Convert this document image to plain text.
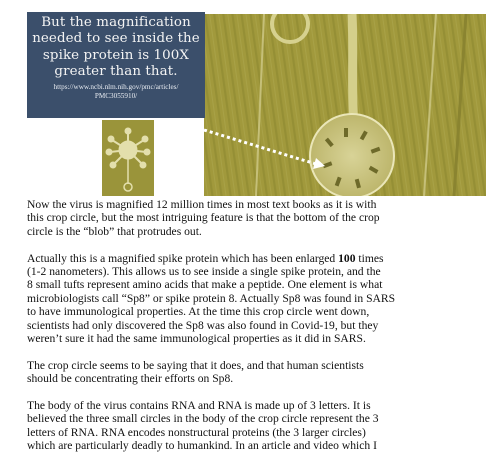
But the magnification
needed to see inside the
spike protein is 100X
greater than that.
https://www.ncbi.nlm.nih.gov/pmc/articles/
PMC3055910/

Now the virus is magnified 12 million times in most text books as it is with
this crop circle, but the most intriguing feature is that the bottom of the crop
circle is the “blob” that protrudes out.

Actually this is a magnified spike protein which has been enlarged 100 times
(1-2 nanometers). This allows us to see inside a single spike protein, and the
8 small tufts represent amino acids that make a peptide. One element is what
microbiologists call “Sp8” or spike protein 8. Actually Sp8 was found in SARS
to have immunological properties. At the time this crop circle went down,
scientists had only discovered the Sp8 was also found in Covid-19, but they
weren’t sure it had the same immunological properties as it did in SARS.

The crop circle seems to be saying that it does, and that human scientists
should be concentrating their efforts on Sp8.

The body of the virus contains RNA and RNA is made up of 3 letters. It is
believed the three small circles in the body of the crop circle represent the 3
letters of RNA. RNA encodes nonstructural proteins (the 3 larger circles)
which are particularly deadly to humankind. In an article and video which I
